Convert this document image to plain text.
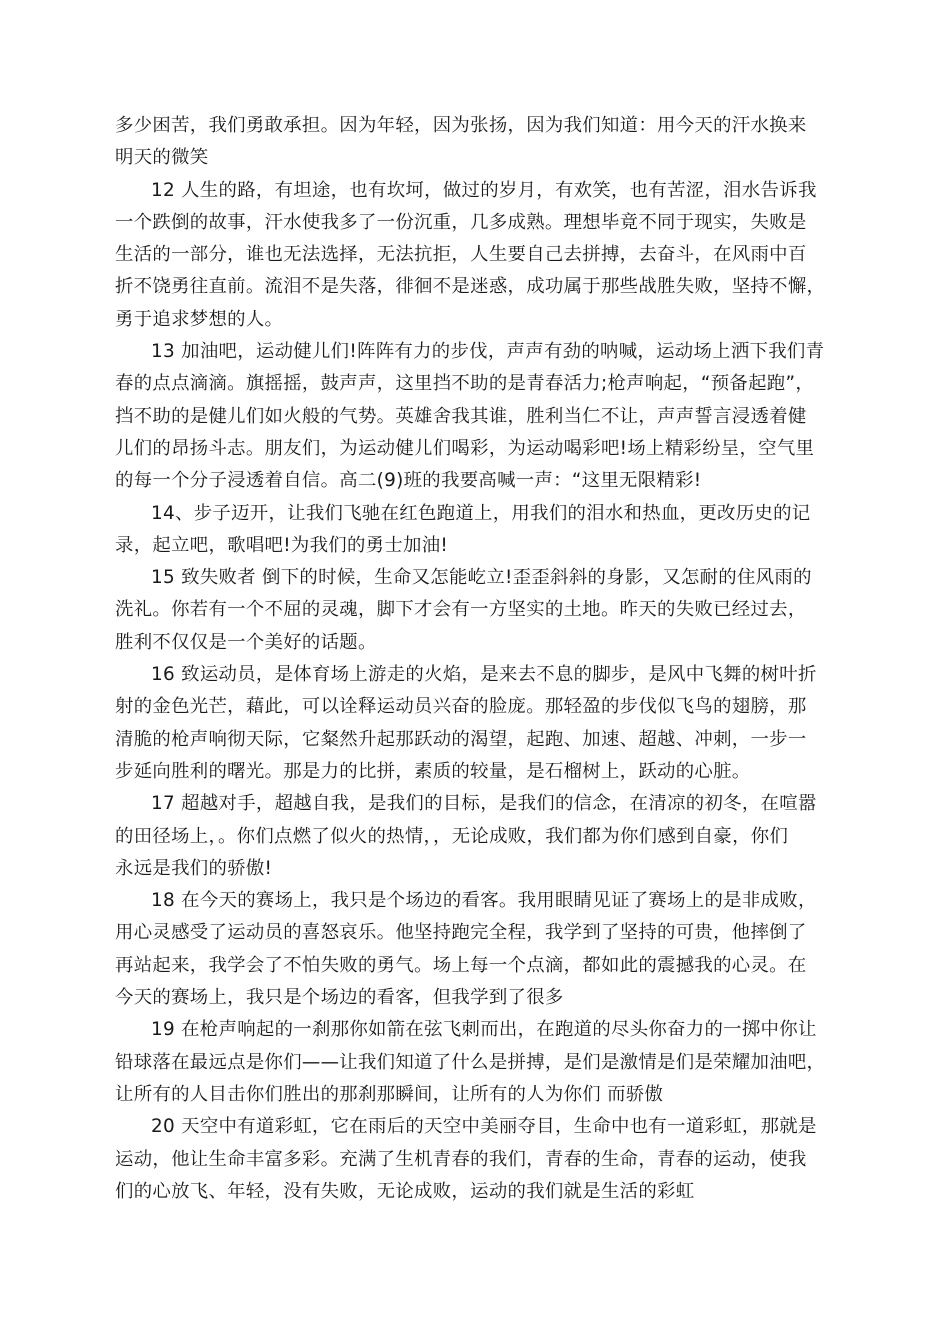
多少困苦，我们勇敢承担。因为年轻，因为张扬，因为我们知道：用今天的汗水换来
明天的微笑
12 人生的路，有坦途，也有坎坷，做过的岁月，有欢笑，也有苦涩，泪水告诉我
一个跌倒的故事，汗水使我多了一份沉重，几多成熟。理想毕竟不同于现实，失败是
生活的一部分，谁也无法选择，无法抗拒，人生要自己去拼搏，去奋斗，在风雨中百
折不饶勇往直前。流泪不是失落，徘徊不是迷惑，成功属于那些战胜失败，坚持不懈，
勇于追求梦想的人。
13 加油吧，运动健儿们!阵阵有力的步伐，声声有劲的呐喊，运动场上洒下我们青
春的点点滴滴。旗摇摇，鼓声声，这里挡不助的是青春活力;枪声响起，“预备起跑”，
挡不助的是健儿们如火般的气势。英雄舍我其谁，胜利当仁不让，声声誓言浸透着健
儿们的昂扬斗志。朋友们，为运动健儿们喝彩，为运动喝彩吧!场上精彩纷呈，空气里
的每一个分子浸透着自信。高二(9)班的我要高喊一声：“这里无限精彩!
14、步子迈开，让我们飞驰在红色跑道上，用我们的泪水和热血，更改历史的记
录，起立吧，歌唱吧!为我们的勇士加油!
15 致失败者 倒下的时候，生命又怎能屹立!歪歪斜斜的身影，又怎耐的住风雨的
洗礼。你若有一个不屈的灵魂，脚下才会有一方坚实的土地。昨天的失败已经过去，
胜利不仅仅是一个美好的话题。
16 致运动员，是体育场上游走的火焰，是来去不息的脚步，是风中飞舞的树叶折
射的金色光芒，藉此，可以诠释运动员兴奋的脸庞。那轻盈的步伐似飞鸟的翅膀，那
清脆的枪声响彻天际，它粲然升起那跃动的渴望，起跑、加速、超越、冲刺，一步一
步延向胜利的曙光。那是力的比拼，素质的较量，是石榴树上，跃动的心脏。
17 超越对手，超越自我，是我们的目标，是我们的信念，在清凉的初冬，在喧嚣
的田径场上，。你们点燃了似火的热情，，无论成败，我们都为你们感到自豪，你们
永远是我们的骄傲!
18 在今天的赛场上，我只是个场边的看客。我用眼睛见证了赛场上的是非成败，
用心灵感受了运动员的喜怒哀乐。他坚持跑完全程，我学到了坚持的可贵，他摔倒了
再站起来，我学会了不怕失败的勇气。场上每一个点滴，都如此的震撼我的心灵。在
今天的赛场上，我只是个场边的看客，但我学到了很多
19 在枪声响起的一刹那你如箭在弦飞刺而出，在跑道的尽头你奋力的一掷中你让
铅球落在最远点是你们——让我们知道了什么是拼搏，是们是激情是们是荣耀加油吧，
让所有的人目击你们胜出的那刹那瞬间，让所有的人为你们 而骄傲
20 天空中有道彩虹，它在雨后的天空中美丽夺目，生命中也有一道彩虹，那就是
运动，他让生命丰富多彩。充满了生机青春的我们，青春的生命，青春的运动，使我
们的心放飞、年轻，没有失败，无论成败，运动的我们就是生活的彩虹
